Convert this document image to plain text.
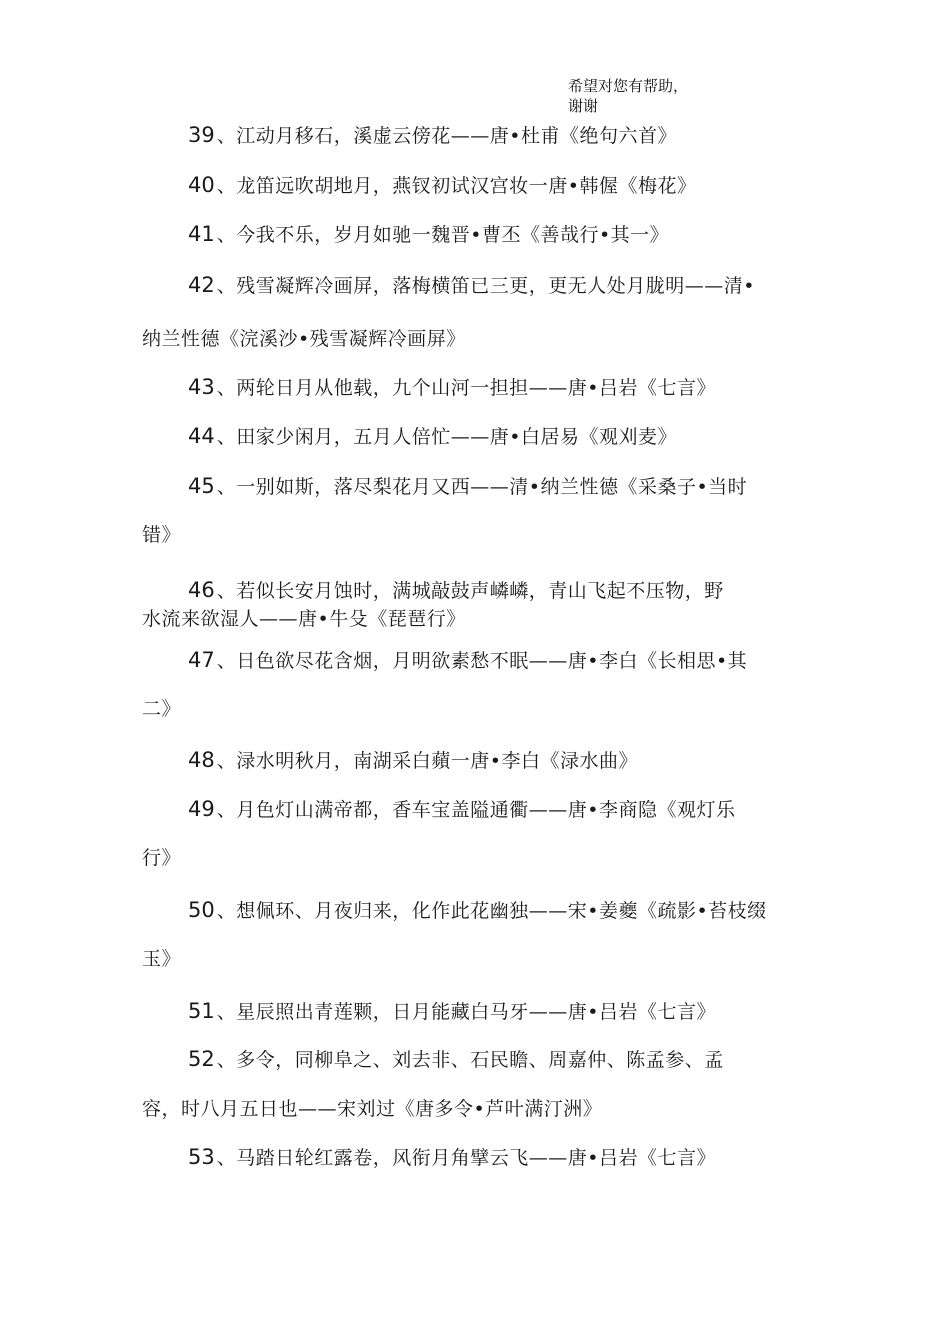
希望对您有帮助，
谢谢
39 、江动月移石，溪虚云傍花——唐•杜甫《绝句六首》
40 、龙笛远吹胡地月，燕钗初试汉宫妆一唐•韩偓《梅花》
41 、今我不乐，岁月如驰一魏晋•曹丕《善哉行•其一》
42 、残雪凝辉冷画屏，落梅横笛已三更，更无人处月胧明——清•
纳兰性德《浣溪沙•残雪凝辉冷画屏》
43 、两轮日月从他载，九个山河一担担——唐•吕岩《七言》
44 、田家少闲月，五月人倍忙——唐•白居易《观刈麦》
45 、一别如斯，落尽梨花月又西——清•纳兰性德《采桑子•当时
错》
46 、若似长安月蚀时，满城敲鼓声嶙嶙，青山飞起不压物，野
水流来欲湿人——唐•牛殳《琵琶行》
47 、日色欲尽花含烟，月明欲素愁不眠——唐•李白《长相思•其
二》
48 、渌水明秋月，南湖采白蘋一唐•李白《渌水曲》
49 、月色灯山满帝都，香车宝盖隘通衢——唐•李商隐《观灯乐
行》
50 、想佩环、月夜归来，化作此花幽独——宋•姜夔《疏影•苔枝缀
玉》
51 、星辰照出青莲颗，日月能藏白马牙——唐•吕岩《七言》
52 、多令，同柳阜之、刘去非、石民瞻、周嘉仲、陈孟参、孟
容，时八月五日也——宋刘过《唐多令•芦叶满汀洲》
53 、马踏日轮红露卷，风衔月角擘云飞——唐•吕岩《七言》
